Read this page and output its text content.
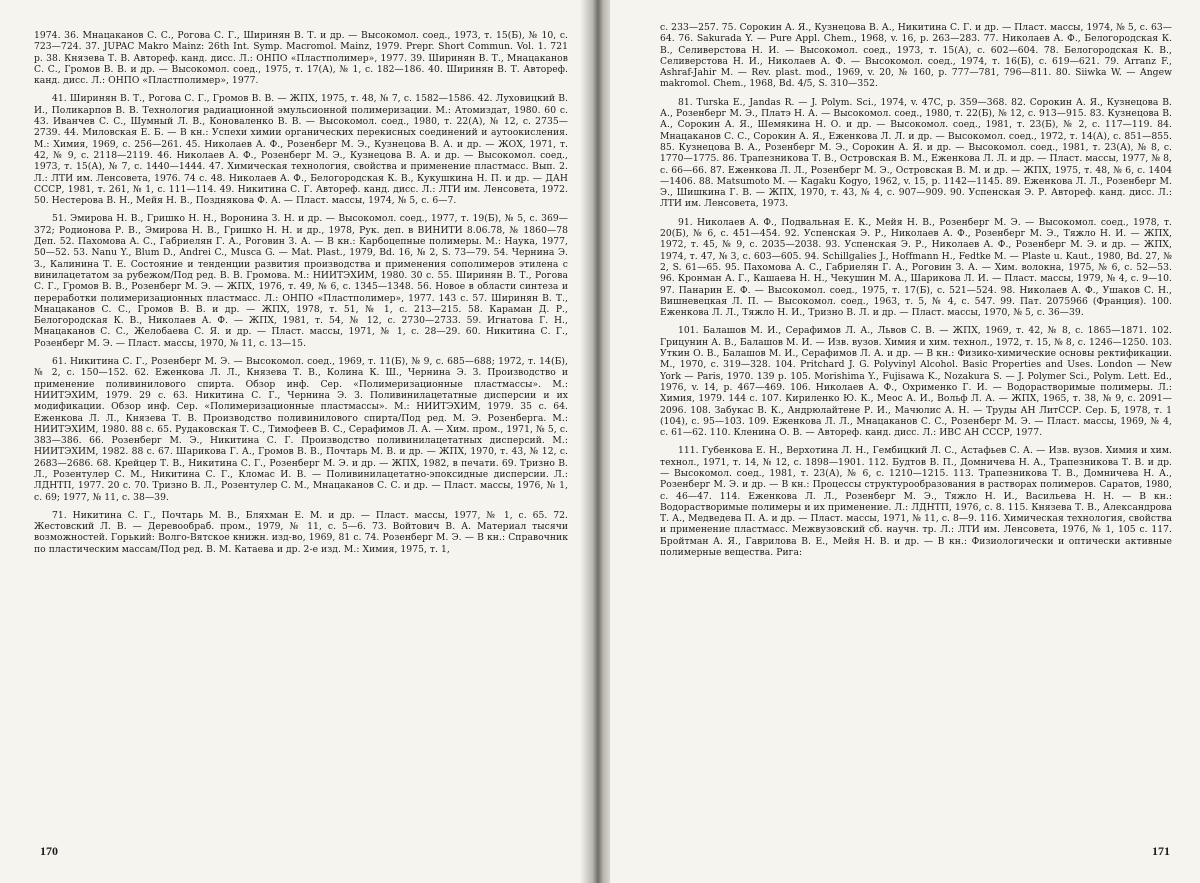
1974. 36. Мнацаканов С. С., Рогова С. Г., Ширинян В. Т. и др. — Высокомол. соед., 1973, т. 15(Б), № 10, с. 723—724. 37. JUPAC Makro Mainz: 26th Int. Symp. Macromol. Mainz, 1979. Prepr. Short Commun. Vol. 1. 721 p. 38. Князева Т. В. Автореф. канд. дисс. Л.: ОНПО «Пластполимер», 1977. 39. Ширинян В. Т., Мнацаканов С. С., Громов В. В. и др. — Высокомол. соед., 1975, т. 17(А), № 1, с. 182—186. 40. Ширинян В. Т. Автореф. канд. дисс. Л.: ОНПО «Пластполимер», 1977.

41. Ширинян В. Т., Рогова С. Г., Громов В. В. — ЖПХ, 1975, т. 48, № 7, с. 1582—1586. 42. Луховицкий В. И., Поликарпов В. В. Технология радиационной эмульсионной полимеризации. М.: Атомиздат, 1980. 60 с. 43. Иванчев С. С., Шумный Л. В., Коноваленко В. В. — Высокомол. соед., 1980, т. 22(А), № 12, с. 2735—2739. 44. Миловская Е. Б. — В кн.: Успехи химии органических перекисных соединений и аутоокисления. М.: Химия, 1969, с. 256—261. 45. Николаев А. Ф., Розенберг М. Э., Кузнецова В. А. и др. — ЖОХ, 1971, т. 42, № 9, с. 2118—2119. 46. Николаев А. Ф., Розенберг М. Э., Кузнецова В. А. и др. — Высокомол. соед., 1973, т. 15(А), № 7, с. 1440—1444. 47. Химическая технология, свойства и применение пластмасс. Вып. 2. Л.: ЛТИ им. Ленсовета, 1976. 74 с. 48. Николаев А. Ф., Белогородская К. В., Кукушкина Н. П. и др. — ДАН СССР, 1981, т. 261, № 1, с. 111—114. 49. Никитина С. Г. Автореф. канд. дисс. Л.: ЛТИ им. Ленсовета, 1972. 50. Нестерова В. Н., Мейя Н. В., Позднякова Ф. А. — Пласт. массы, 1974, № 5, с. 6—7.

51. Эмирова Н. В., Гришко Н. Н., Воронина З. Н. и др. — Высокомол. соед., 1977, т. 19(Б), № 5, с. 369—372; Родионова Р. В., Эмирова Н. В., Гришко Н. Н. и др., 1978, Рук. деп. в ВИНИТИ 8.06.78, № 1860—78 Деп. 52. Пахомова А. С., Габриелян Г. А., Роговин З. А. — В кн.: Карбоцепные полимеры. М.: Наука, 1977, 50—52. 53. Nanu Y., Blum D., Andrei C., Musca G. — Mat. Plast., 1979, Bd. 16, № 2, S. 73—79. 54. Чернина Э. З., Калинина Т. Е. Состояние и тенденции развития производства и применения сополимеров этилена с винилацетатом за рубежом/Под ред. В. В. Громова. М.: НИИТЭХИМ, 1980. 30 с. 55. Ширинян В. Т., Рогова С. Г., Громов В. В., Розенберг М. Э. — ЖПХ, 1976, т. 49, № 6, с. 1345—1348. 56. Новое в области синтеза и переработки полимеризационных пластмасс. Л.: ОНПО «Пластполимер», 1977. 143 с. 57. Ширинян В. Т., Мнацаканов С. С., Громов В. В. и др. — ЖПХ, 1978, т. 51, № 1, с. 213—215. 58. Караман Д. Р., Белогородская К. В., Николаев А. Ф. — ЖПХ, 1981, т. 54, № 12, с. 2730—2733. 59. Игнатова Г. Н., Мнацаканов С. С., Желобаева С. Я. и др. — Пласт. массы, 1971, № 1, с. 28—29. 60. Никитина С. Г., Розенберг М. Э. — Пласт. массы, 1970, № 11, с. 13—15.

61. Никитина С. Г., Розенберг М. Э. — Высокомол. соед., 1969, т. 11(Б), № 9, с. 685—688; 1972, т. 14(Б), № 2, с. 150—152. 62. Еженкова Л. Л., Князева Т. В., Колина К. Ш., Чернина Э. З. Производство и применение поливинилового спирта. Обзор инф. Сер. «Полимеризационные пластмассы». М.: НИИТЭХИМ, 1979. 29 с. 63. Никитина С. Г., Чернина Э. З. Поливинилацетатные дисперсии и их модификации. Обзор инф. Сер. «Полимеризационные пластмассы». М.: НИИТЭХИМ, 1979. 35 с. 64. Еженкова Л. Л., Князева Т. В. Производство поливинилового спирта/Под ред. М. Э. Розенберга. М.: НИИТЭХИМ, 1980. 88 с. 65. Рудаковская Т. С., Тимофеев В. С., Серафимов Л. А. — Хим. пром., 1971, № 5, с. 383—386. 66. Розенберг М. Э., Никитина С. Г. Производство поливинилацетатных дисперсий. М.: НИИТЭХИМ, 1982. 88 с. 67. Шарикова Г. А., Громов В. В., Почтарь М. В. и др. — ЖПХ, 1970, т. 43, № 12, с. 2683—2686. 68. Крейцер Т. В., Никитина С. Г., Розенберг М. Э. и др. — ЖПХ, 1982, в печати. 69. Тризно В. Л., Розентулер С. М., Никитина С. Г., Кломас И. В. — Поливинилацетатно-эпоксидные дисперсии. Л.: ЛДНТП, 1977. 20 с. 70. Тризно В. Л., Розентулер С. М., Мнацаканов С. С. и др. — Пласт. массы, 1976, № 1, с. 69; 1977, № 11, с. 38—39.

71. Никитина С. Г., Почтарь М. В., Бляхман Е. М. и др. — Пласт. массы, 1977, № 1, с. 65. 72. Жестовский Л. В. — Деревообраб. пром., 1979, № 11, с. 5—6. 73. Войтович В. А. Материал тысячи возможностей. Горький: Волго-Вятское книжн. изд-во, 1969, 81 с. 74. Розенберг М. Э. — В кн.: Справочник по пластическим массам/Под ред. В. М. Катаева и др. 2-е изд. М.: Химия, 1975, т. 1,

170

с. 233—257. 75. Сорокин А. Я., Кузнецова В. А., Никитина С. Г. и др. — Пласт. массы, 1974, № 5, с. 63—64. 76. Sakurada Y. — Pure Appl. Chem., 1968, v. 16, p. 263—283. 77. Николаев А. Ф., Белогородская К. В., Селиверстова Н. И. — Высокомол. соед., 1973, т. 15(А), с. 602—604. 78. Белогородская К. В., Селиверстова Н. И., Николаев А. Ф. — Высокомол. соед., 1974, т. 16(Б), с. 619—621. 79. Arranz F., Ashraf-Jahir M. — Rev. plast. mod., 1969, v. 20, № 160, p. 777—781, 796—811. 80. Siiwka W. — Angew makromol. Chem., 1968, Bd. 4/5, S. 310—352.

81. Turska E., Jandas R. — J. Polym. Sci., 1974, v. 47C, p. 359—368. 82. Сорокин А. Я., Кузнецова В. А., Розенберг М. Э., Платэ Н. А. — Высокомол. соед., 1980, т. 22(Б), № 12, с. 913—915. 83. Кузнецова В. А., Сорокин А. Я., Шемякина Н. О. и др. — Высокомол. соед., 1981, т. 23(Б), № 2, с. 117—119. 84. Мнацаканов С. С., Сорокин А. Я., Еженкова Л. Л. и др. — Высокомол. соед., 1972, т. 14(А), с. 851—855. 85. Кузнецова В. А., Розенберг М. Э., Сорокин А. Я. и др. — Высокомол. соед., 1981, т. 23(А), № 8, с. 1770—1775. 86. Трапезникова Т. В., Островская В. М., Еженкова Л. Л. и др. — Пласт. массы, 1977, № 8, с. 66—66. 87. Еженкова Л. Л., Розенберг М. Э., Островская В. М. и др. — ЖПХ, 1975, т. 48, № 6, с. 1404—1406. 88. Matsumoto M. — Kagaku Kogyo, 1962, v. 15, p. 1142—1145. 89. Еженкова Л. Л., Розенберг М. Э., Шишкина Г. В. — ЖПХ, 1970, т. 43, № 4, с. 907—909. 90. Успенская Э. Р. Автореф. канд. дисс. Л.: ЛТИ им. Ленсовета, 1973.

91. Николаев А. Ф., Подвальная Е. К., Мейя Н. В., Розенберг М. Э. — Высокомол. соед., 1978, т. 20(Б), № 6, с. 451—454. 92. Успенская Э. Р., Николаев А. Ф., Розенберг М. Э., Тяжло Н. И. — ЖПХ, 1972, т. 45, № 9, с. 2035—2038. 93. Успенская Э. Р., Николаев А. Ф., Розенберг М. Э. и др. — ЖПХ, 1974, т. 47, № 3, с. 603—605. 94. Schillgalies J., Hoffmann H., Fedtke M. — Plaste u. Kaut., 1980, Bd. 27, № 2, S. 61—65. 95. Пахомова А. С., Габриелян Г. А., Роговин З. А. — Хим. волокна, 1975, № 6, с. 52—53. 96. Кронман А. Г., Кашаева Н. Н., Чекушин М. А., Шарикова Л. И. — Пласт. массы, 1979, № 4, с. 9—10. 97. Панарин Е. Ф. — Высокомол. соед., 1975, т. 17(Б), с. 521—524. 98. Николаев А. Ф., Ушаков С. Н., Вишневецкая Л. П. — Высокомол. соед., 1963, т. 5, № 4, с. 547. 99. Пат. 2075966 (Франция). 100. Еженкова Л. Л., Тяжло Н. И., Тризно В. Л. и др. — Пласт. массы, 1970, № 5, с. 36—39.

101. Балашов М. И., Серафимов Л. А., Львов С. В. — ЖПХ, 1969, т. 42, № 8, с. 1865—1871. 102. Грицунин А. В., Балашов М. И. — Изв. вузов. Химия и хим. технол., 1972, т. 15, № 8, с. 1246—1250. 103. Уткин О. В., Балашов М. И., Серафимов Л. А. и др. — В кн.: Физико-химические основы ректификации. М., 1970, с. 319—328. 104. Pritchard J. G. Polyvinyl Alcohol. Basic Properties and Uses. London — New York — Paris, 1970. 139 p. 105. Morishima Y., Fujisawa K., Nozakura S. — J. Polymer Sci., Polym. Lett. Ed., 1976, v. 14, p. 467—469. 106. Николаев А. Ф., Охрименко Г. И. — Водорастворимые полимеры. Л.: Химия, 1979. 144 с. 107. Кириленко Ю. К., Меос А. И., Вольф Л. А. — ЖПХ, 1965, т. 38, № 9, с. 2091—2096. 108. Забукас В. К., Андрюлайтене Р. И., Мачюлис А. Н. — Труды АН ЛитССР. Сер. Б, 1978, т. 1 (104), с. 95—103. 109. Еженкова Л. Л., Мнацаканов С. С., Розенберг М. Э. — Пласт. массы, 1969, № 4, с. 61—62. 110. Кленина О. В. — Автореф. канд. дисс. Л.: ИВС АН СССР, 1977.

111. Губенкова Е. Н., Верхотина Л. Н., Гембицкий Л. С., Астафьев С. А. — Изв. вузов. Химия и хим. технол., 1971, т. 14, № 12, с. 1898—1901. 112. Будтов В. П., Домничева Н. А., Трапезникова Т. В. и др. — Высокомол. соед., 1981, т. 23(А), № 6, с. 1210—1215. 113. Трапезникова Т. В., Домничева Н. А., Розенберг М. Э. и др. — В кн.: Процессы структурообразования в растворах полимеров. Саратов, 1980, с. 46—47. 114. Еженкова Л. Л., Розенберг М. Э., Тяжло Н. И., Васильева Н. Н. — В кн.: Водорастворимые полимеры и их применение. Л.: ЛДНТП, 1976, с. 8. 115. Князева Т. В., Александрова Т. А., Медведева П. А. и др. — Пласт. массы, 1971, № 11, с. 8—9. 116. Химическая технология, свойства и применение пластмасс. Межвузовский сб. научн. тр. Л.: ЛТИ им. Ленсовета, 1976, № 1, 105 с. 117. Бройтман А. Я., Гаврилова В. Е., Мейя Н. В. и др. — В кн.: Физиологически и оптически активные полимерные вещества. Рига:

171
